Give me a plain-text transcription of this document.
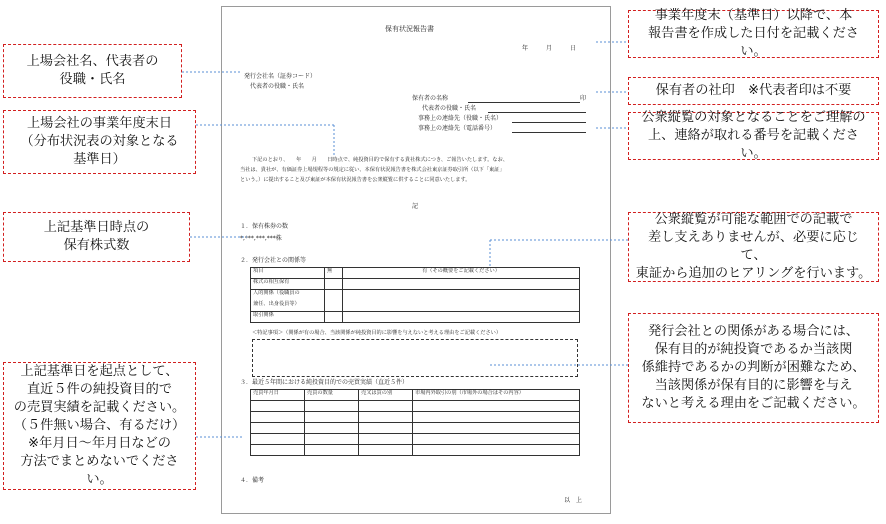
保有状況報告書
年　　　月　　　日
発行会社名（証券コード）
代表者の役職・氏名
保有者の名称	印
代表者の役職・氏名
事務上の連絡先（役職・氏名）
事務上の連絡先（電話番号）
下記のとおり、　　年　　月　　日時点で、純投資目的で保有する貴社株式につき、ご報告いたします。なお、
当社は、貴社が、有価証券上場規程等の規定に従い、本保有状況報告書を株式会社東京証券取引所（以下「東証」
という。）に提出すること及び東証が本保有状況報告書を公衆縦覧に供することに同意いたします。
記
１．保有株券の数
*,***,***,***株
２．発行会社との関係等
項目	無	有（その概要をご記載ください）
株式の相互保有		
人的関係（役職員の		
兼任、出身役員等）		
取引関係		
＜特記事項＞（関係が有の場合、当該関係が純投資目的に影響を与えないと考える理由をご記載ください）
３．最近５年間における純投資目的での売買実績（直近５件）
売買年月日	売買の数量	売又は買の別	市場内外取引の別（市場外の場合はその内容）

４．備考
以　上
上場会社名、代表者の
役職・氏名
上場会社の事業年度末日
（分布状況表の対象となる
基準日）
上記基準日時点の
保有株式数
上記基準日を起点として、
直近５件の純投資目的で
の売買実績を記載ください。
（５件無い場合、有るだけ）
※年月日～年月日などの
方法でまとめないでください。
事業年度末（基準日）以降で、本
報告書を作成した日付を記載ください。
保有者の社印　※代表者印は不要
公衆縦覧の対象となることをご理解の
上、連絡が取れる番号を記載ください。
公衆縦覧が可能な範囲での記載で
差し支えありませんが、必要に応じて、
東証から追加のヒアリングを行います。
発行会社との関係がある場合には、
保有目的が純投資であるか当該関
係維持であるかの判断が困難なため、
当該関係が保有目的に影響を与え
ないと考える理由をご記載ください。
